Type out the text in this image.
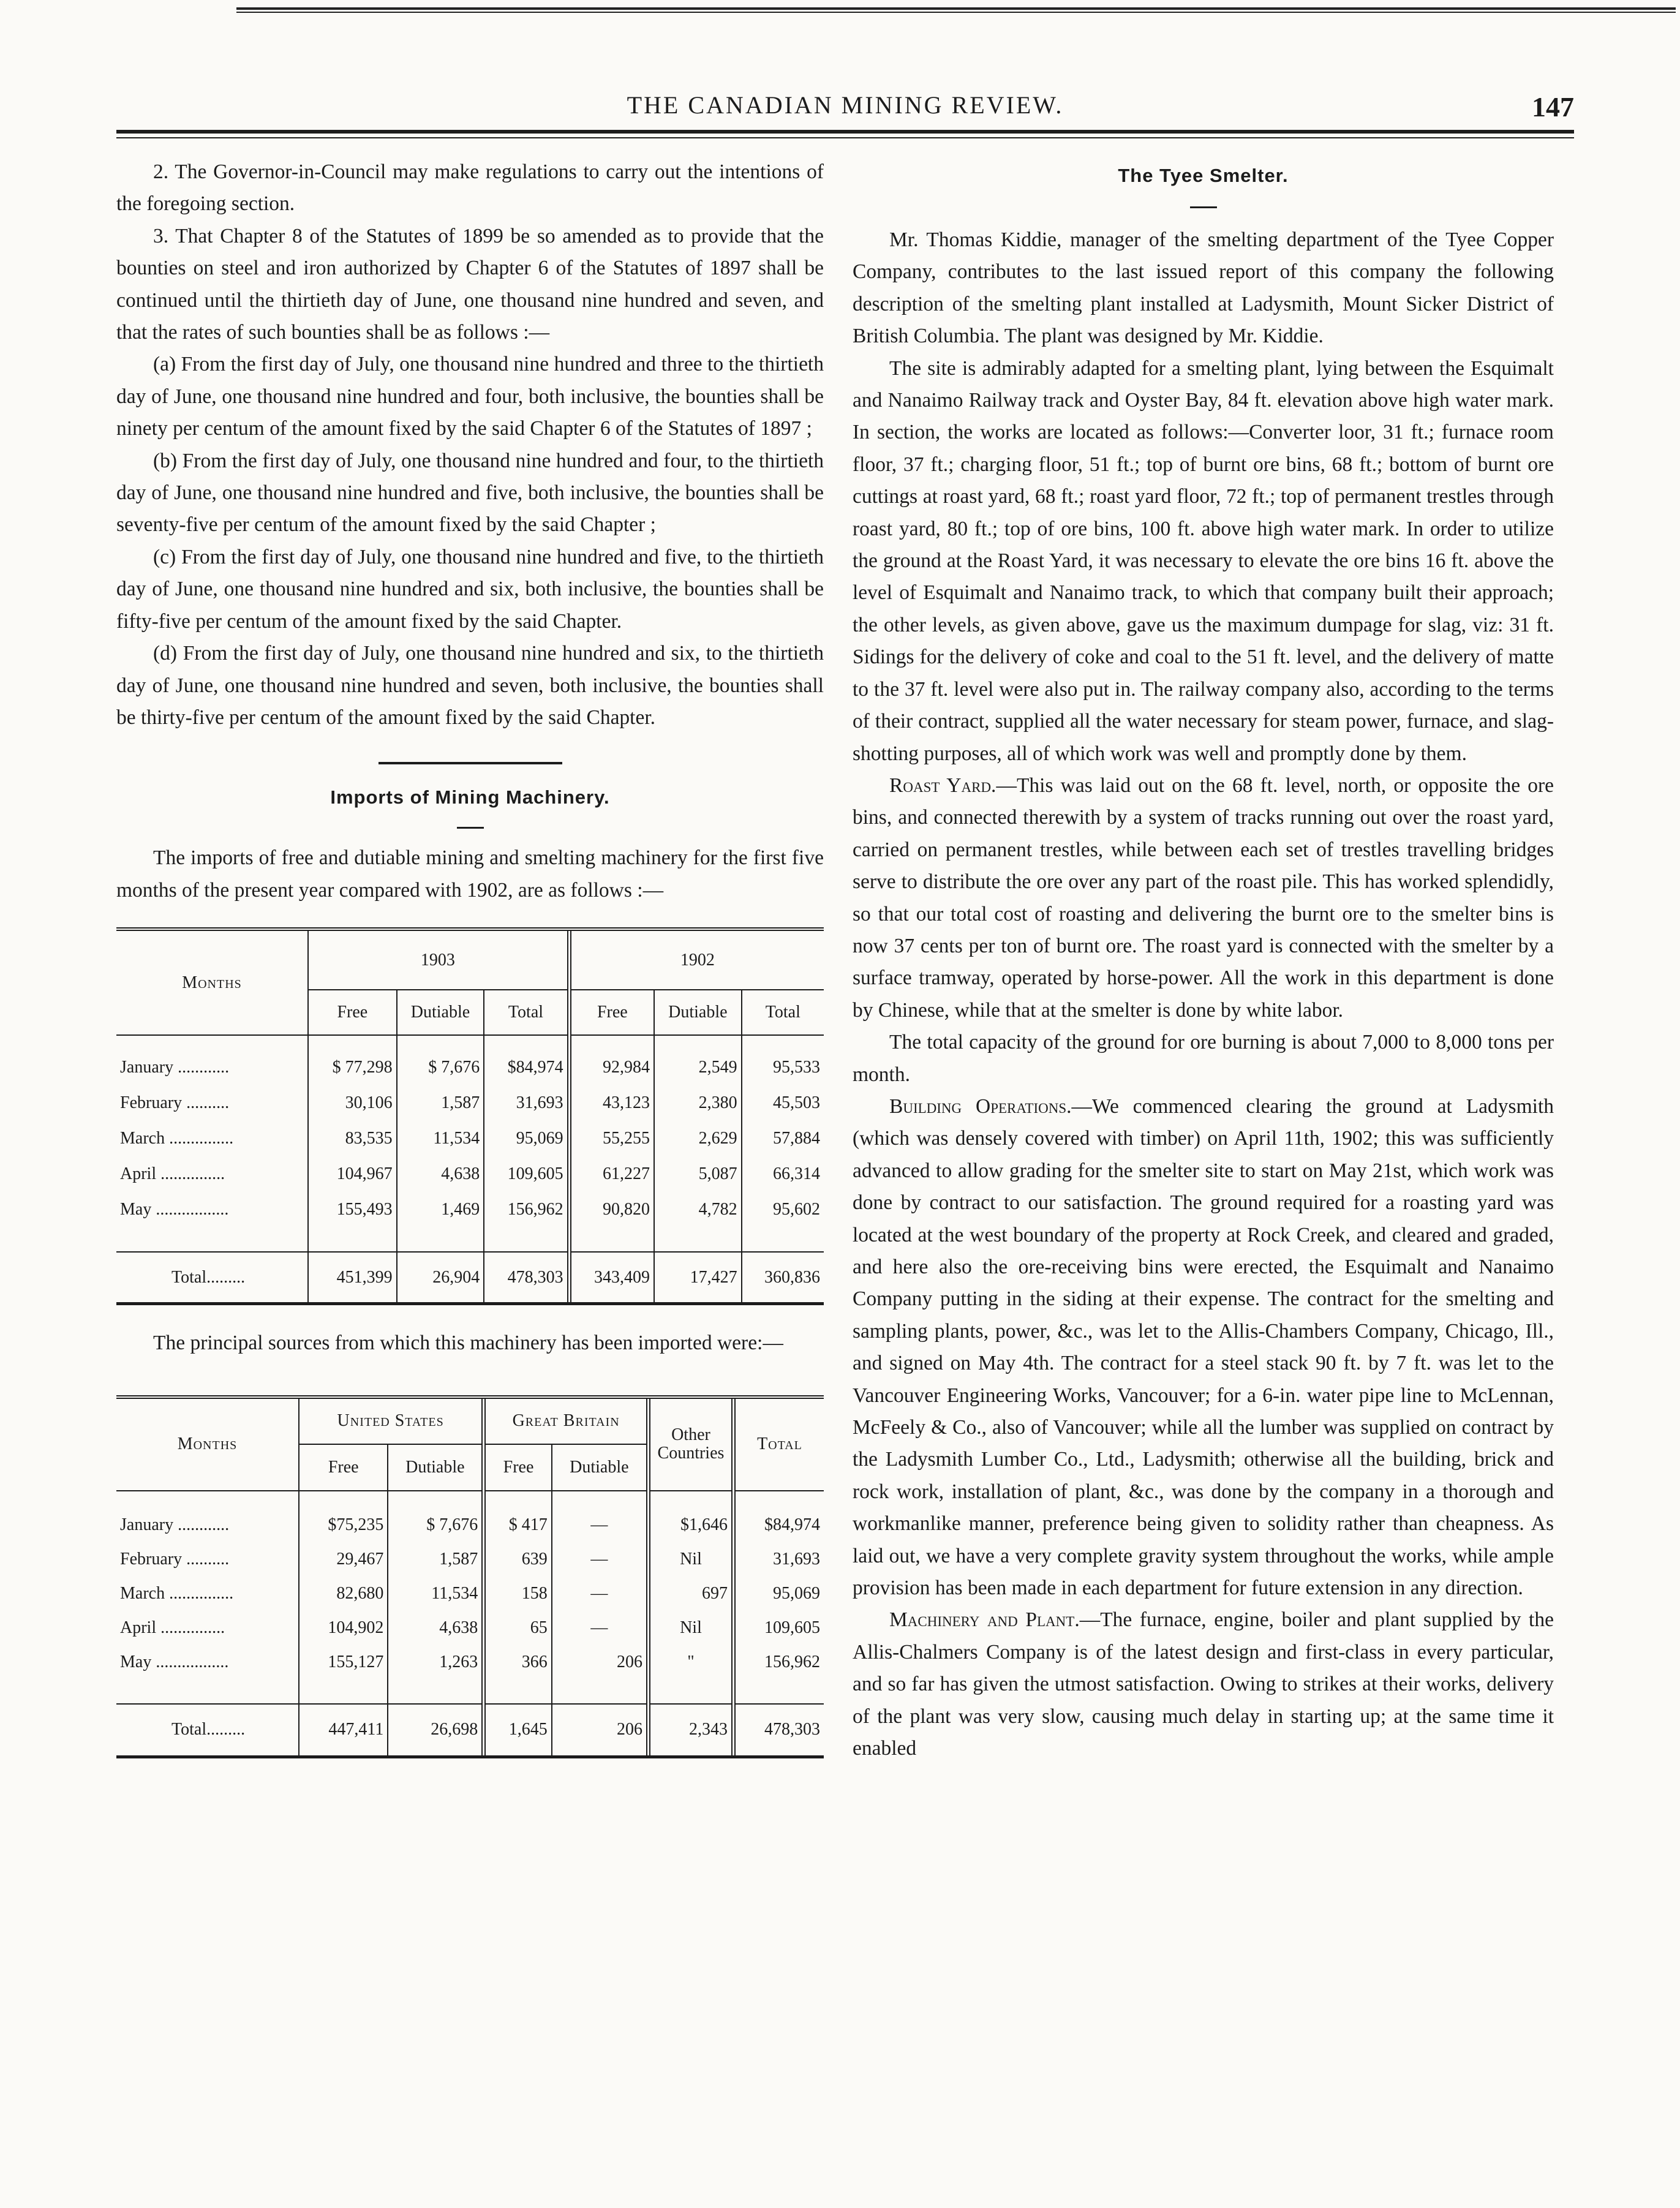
THE CANADIAN MINING REVIEW.	147

2. The Governor-in-Council may make regulations to carry out the intentions of the foregoing section.

3. That Chapter 8 of the Statutes of 1899 be so amended as to provide that the bounties on steel and iron authorized by Chapter 6 of the Statutes of 1897 shall be continued until the thirtieth day of June, one thousand nine hundred and seven, and that the rates of such bounties shall be as follows :—

(a) From the first day of July, one thousand nine hundred and three to the thirtieth day of June, one thousand nine hundred and four, both inclusive, the bounties shall be ninety per centum of the amount fixed by the said Chapter 6 of the Statutes of 1897 ;

(b) From the first day of July, one thousand nine hundred and four, to the thirtieth day of June, one thousand nine hundred and five, both inclusive, the bounties shall be seventy-five per centum of the amount fixed by the said Chapter ;

(c) From the first day of July, one thousand nine hundred and five, to the thirtieth day of June, one thousand nine hundred and six, both inclusive, the bounties shall be fifty-five per centum of the amount fixed by the said Chapter.

(d) From the first day of July, one thousand nine hundred and six, to the thirtieth day of June, one thousand nine hundred and seven, both inclusive, the bounties shall be thirty-five per centum of the amount fixed by the said Chapter.

Imports of Mining Machinery.

The imports of free and dutiable mining and smelting machinery for the first five months of the present year compared with 1902, are as follows :—

Months	1903			1902		
	Free	Dutiable	Total	Free	Dutiable	Total

January ............	$ 77,298	$ 7,676	$84,974	92,984	2,549	95,533
February ..........	30,106	1,587	31,693	43,123	2,380	45,503
March ...............	83,535	11,534	95,069	55,255	2,629	57,884
April ...............	104,967	4,638	109,605	61,227	5,087	66,314
May .................	155,493	1,469	156,962	90,820	4,782	95,602

Total.........	451,399	26,904	478,303	343,409	17,427	360,836

The principal sources from which this machinery has been imported were:—

Months	United States		Great Britain		Other Countries	Total
	Free	Dutiable	Free	Dutiable		

January ............	$75,235	$ 7,676	$ 417	—	$1,646	$84,974
February ..........	29,467	1,587	639	—	Nil	31,693
March ...............	82,680	11,534	158	—	697	95,069
April ...............	104,902	4,638	65	—	Nil	109,605
May .................	155,127	1,263	366	206	"	156,962

Total.........	447,411	26,698	1,645	206	2,343	478,303
The Tyee Smelter.

Mr. Thomas Kiddie, manager of the smelting department of the Tyee Copper Company, contributes to the last issued report of this company the following description of the smelting plant installed at Ladysmith, Mount Sicker District of British Columbia. The plant was designed by Mr. Kiddie.

The site is admirably adapted for a smelting plant, lying between the Esquimalt and Nanaimo Railway track and Oyster Bay, 84 ft. elevation above high water mark. In section, the works are located as follows:—Converter loor, 31 ft.; furnace room floor, 37 ft.; charging floor, 51 ft.; top of burnt ore bins, 68 ft.; bottom of burnt ore cuttings at roast yard, 68 ft.; roast yard floor, 72 ft.; top of permanent trestles through roast yard, 80 ft.; top of ore bins, 100 ft. above high water mark. In order to utilize the ground at the Roast Yard, it was necessary to elevate the ore bins 16 ft. above the level of Esquimalt and Nanaimo track, to which that company built their approach; the other levels, as given above, gave us the maximum dumpage for slag, viz: 31 ft. Sidings for the delivery of coke and coal to the 51 ft. level, and the delivery of matte to the 37 ft. level were also put in. The railway company also, according to the terms of their contract, supplied all the water necessary for steam power, furnace, and slag-shotting purposes, all of which work was well and promptly done by them.

Roast Yard.—This was laid out on the 68 ft. level, north, or opposite the ore bins, and connected therewith by a system of tracks running out over the roast yard, carried on permanent trestles, while between each set of trestles travelling bridges serve to distribute the ore over any part of the roast pile. This has worked splendidly, so that our total cost of roasting and delivering the burnt ore to the smelter bins is now 37 cents per ton of burnt ore. The roast yard is connected with the smelter by a surface tramway, operated by horse-power. All the work in this department is done by Chinese, while that at the smelter is done by white labor.

The total capacity of the ground for ore burning is about 7,000 to 8,000 tons per month.

Building Operations.—We commenced clearing the ground at Ladysmith (which was densely covered with timber) on April 11th, 1902; this was sufficiently advanced to allow grading for the smelter site to start on May 21st, which work was done by contract to our satisfaction. The ground required for a roasting yard was located at the west boundary of the property at Rock Creek, and cleared and graded, and here also the ore-receiving bins were erected, the Esquimalt and Nanaimo Company putting in the siding at their expense. The contract for the smelting and sampling plants, power, &c., was let to the Allis-Chambers Company, Chicago, Ill., and signed on May 4th. The contract for a steel stack 90 ft. by 7 ft. was let to the Vancouver Engineering Works, Vancouver; for a 6-in. water pipe line to McLennan, McFeely & Co., also of Vancouver; while all the lumber was supplied on contract by the Ladysmith Lumber Co., Ltd., Ladysmith; otherwise all the building, brick and rock work, installation of plant, &c., was done by the company in a thorough and workmanlike manner, preference being given to solidity rather than cheapness. As laid out, we have a very complete gravity system throughout the works, while ample provision has been made in each department for future extension in any direction.

Machinery and Plant.—The furnace, engine, boiler and plant supplied by the Allis-Chalmers Company is of the latest design and first-class in every particular, and so far has given the utmost satisfaction. Owing to strikes at their works, delivery of the plant was very slow, causing much delay in starting up; at the same time it enabled
